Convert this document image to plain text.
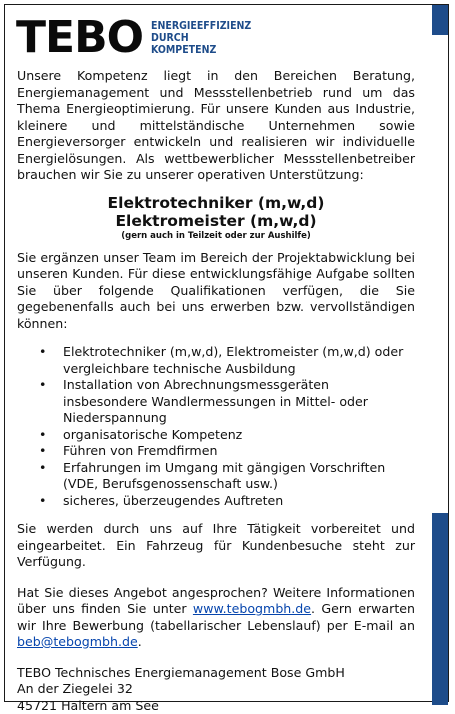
TEBO ENERGIEEFFIZIENZ
DURCH
KOMPETENZ

Unsere Kompetenz liegt in den Bereichen Beratung, Energiemanagement und Messstellenbetrieb rund um das Thema Energieoptimierung. Für unsere Kunden aus Industrie, kleinere und mittelständische Unternehmen sowie Energieversorger entwickeln und realisieren wir individuelle Energielösungen. Als wettbewerblicher Messstellenbetreiber brauchen wir Sie zu unserer operativen Unterstützung:

Elektrotechniker (m,w,d)
Elektromeister (m,w,d)
(gern auch in Teilzeit oder zur Aushilfe)

Sie ergänzen unser Team im Bereich der Projektabwicklung bei unseren Kunden. Für diese entwicklungsfähige Aufgabe sollten Sie über folgende Qualifikationen verfügen, die Sie gegebenenfalls auch bei uns erwerben bzw. vervollständigen können:

• Elektrotechniker (m,w,d), Elektromeister (m,w,d) oder vergleichbare technische Ausbildung
• Installation von Abrechnungsmessgeräten insbesondere Wandlermessungen in Mittel- oder Niederspannung
• organisatorische Kompetenz
• Führen von Fremdfirmen
• Erfahrungen im Umgang mit gängigen Vorschriften (VDE, Berufsgenossenschaft usw.)
• sicheres, überzeugendes Auftreten

Sie werden durch uns auf Ihre Tätigkeit vorbereitet und eingearbeitet. Ein Fahrzeug für Kundenbesuche steht zur Verfügung.

Hat Sie dieses Angebot angesprochen? Weitere Informationen über uns finden Sie unter www.tebogmbh.de. Gern erwarten wir Ihre Bewerbung (tabellarischer Lebenslauf) per E-mail an beb@tebogmbh.de.

TEBO Technisches Energiemanagement Bose GmbH
An der Ziegelei 32
45721 Haltern am See
